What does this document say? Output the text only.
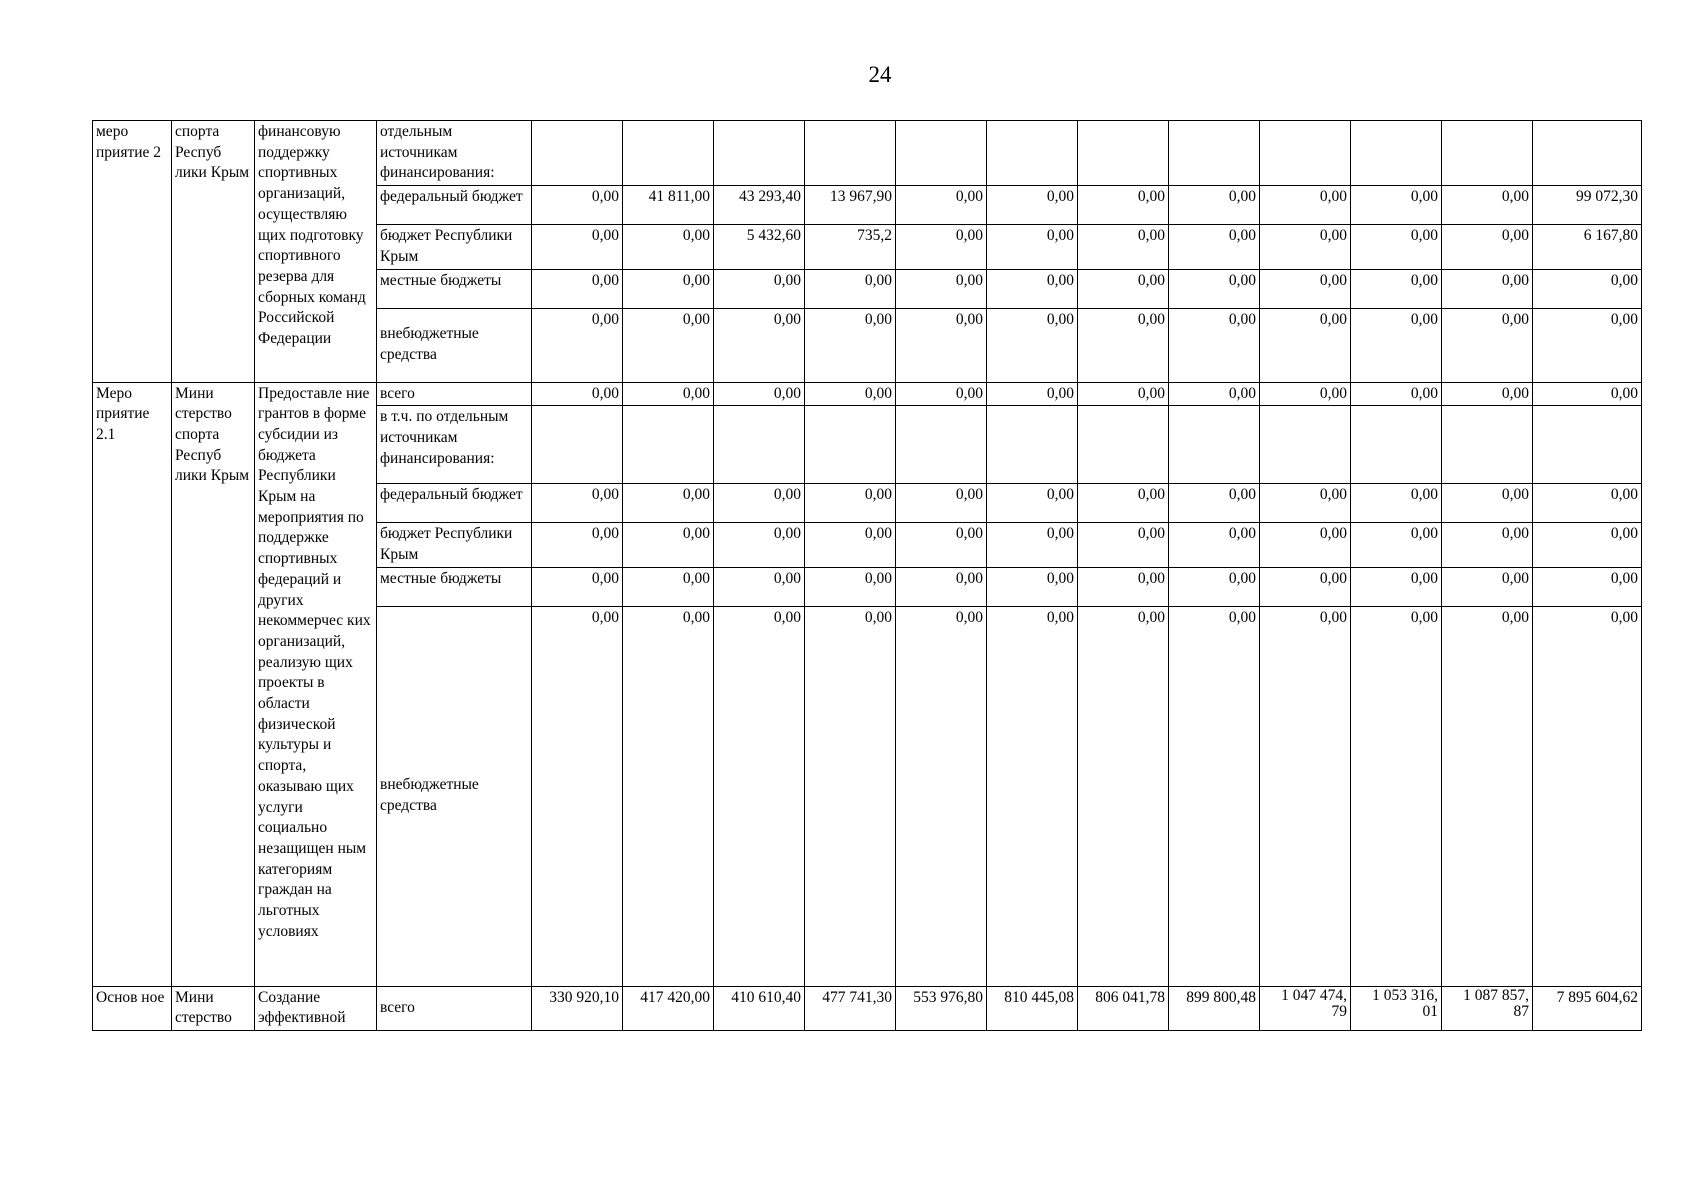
24
меро приятие 2	спорта Респуб лики Крым	финансовую поддержку спортивных организаций, осуществляю щих подготовку спортивного резерва для сборных команд Российской Федерации	отдельным источникам финансирования:												
			федеральный бюджет	0,00	41 811,00	43 293,40	13 967,90	0,00	0,00	0,00	0,00	0,00	0,00	0,00	99 072,30
			бюджет Республики Крым	0,00	0,00	5 432,60	735,2	0,00	0,00	0,00	0,00	0,00	0,00	0,00	6 167,80
			местные бюджеты	0,00	0,00	0,00	0,00	0,00	0,00	0,00	0,00	0,00	0,00	0,00	0,00
			внебюджетные средства	0,00	0,00	0,00	0,00	0,00	0,00	0,00	0,00	0,00	0,00	0,00	0,00
Меро приятие 2.1	Мини стерство спорта Респуб лики Крым	Предоставле ние грантов в форме субсидии из бюджета Республики Крым на мероприятия по поддержке спортивных федераций и других некоммерчес ких организаций, реализую щих проекты в области физической культуры и спорта, оказываю щих услуги социально незащищен ным категориям граждан на льготных условиях	всего	0,00	0,00	0,00	0,00	0,00	0,00	0,00	0,00	0,00	0,00	0,00	0,00
			в т.ч. по отдельным источникам финансирования:												
			федеральный бюджет	0,00	0,00	0,00	0,00	0,00	0,00	0,00	0,00	0,00	0,00	0,00	0,00
			бюджет Республики Крым	0,00	0,00	0,00	0,00	0,00	0,00	0,00	0,00	0,00	0,00	0,00	0,00
			местные бюджеты	0,00	0,00	0,00	0,00	0,00	0,00	0,00	0,00	0,00	0,00	0,00	0,00
			внебюджетные средства	0,00	0,00	0,00	0,00	0,00	0,00	0,00	0,00	0,00	0,00	0,00	0,00
Основ ное	Мини стерство	Создание эффективной	всего	330 920,10	417 420,00	410 610,40	477 741,30	553 976,80	810 445,08	806 041,78	899 800,48	1 047 474, 79	1 053 316, 01	1 087 857, 87	7 895 604,62
